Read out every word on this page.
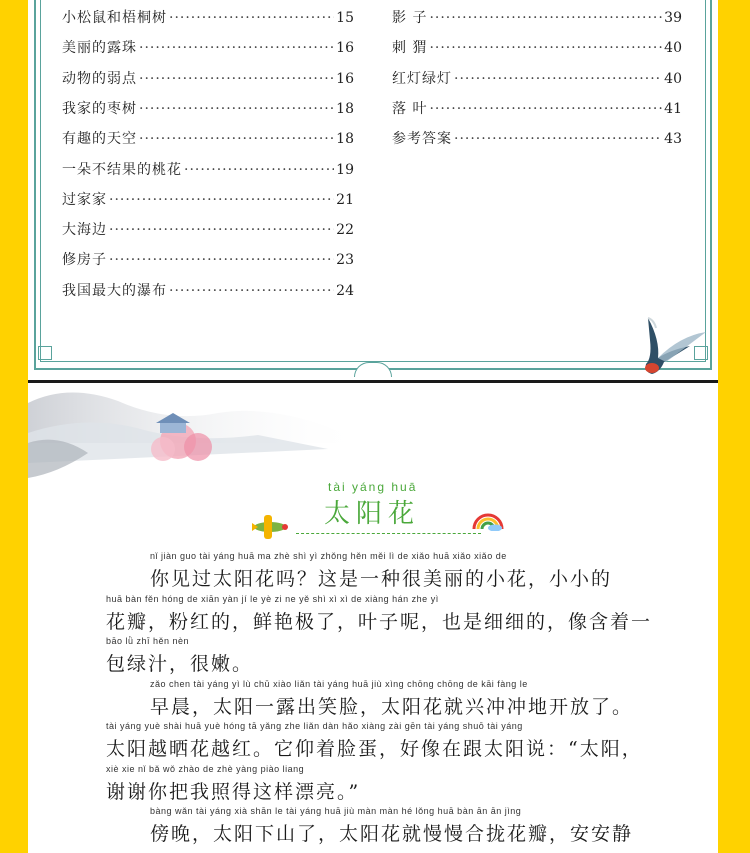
小松鼠和梧桐树 ·····	15
美丽的露珠 ·····	16
动物的弱点 ·····	16
我家的枣树 ·····	18
有趣的天空 ·····	18
一朵不结果的桃花 ·····	19
过家家 ·····	21
大海边 ·····	22
修房子 ·····	23
我国最大的瀑布 ·····	24
影 子 ·····	39
刺 猬 ·····	40
红灯绿灯 ·····	40
落 叶 ·····	41
参考答案 ·····	43
tài yáng huā
太阳花
nǐ jiàn guo tài yáng huā ma zhè shì yì zhǒng hěn měi lì de xiǎo huā xiǎo xiǎo de
你见过太阳花吗？这是一种很美丽的小花，小小的
huā bàn fěn hóng de xiān yàn jí le yè zi ne yě shì xì xì de xiàng hán zhe yì
花瓣，粉红的，鲜艳极了，叶子呢，也是细细的，像含着一
bāo lǜ zhī hěn nèn
包绿汁，很嫩。
zǎo chen tài yáng yì lù chū xiào liǎn tài yáng huā jiù xìng chōng chōng de kāi fàng le
早晨，太阳一露出笑脸，太阳花就兴冲冲地开放了。
tài yáng yuè shài huā yuè hóng tā yǎng zhe liǎn dàn hǎo xiàng zài gēn tài yáng shuō tài yáng
太阳越晒花越红。它仰着脸蛋，好像在跟太阳说：“太阳，
xiè xie nǐ bǎ wǒ zhào de zhè yàng piào liang
谢谢你把我照得这样漂亮。”
bàng wǎn tài yáng xià shān le tài yáng huā jiù màn màn hé lǒng huā bàn ān ān jìng
傍晚，太阳下山了，太阳花就慢慢合拢花瓣，安安静
